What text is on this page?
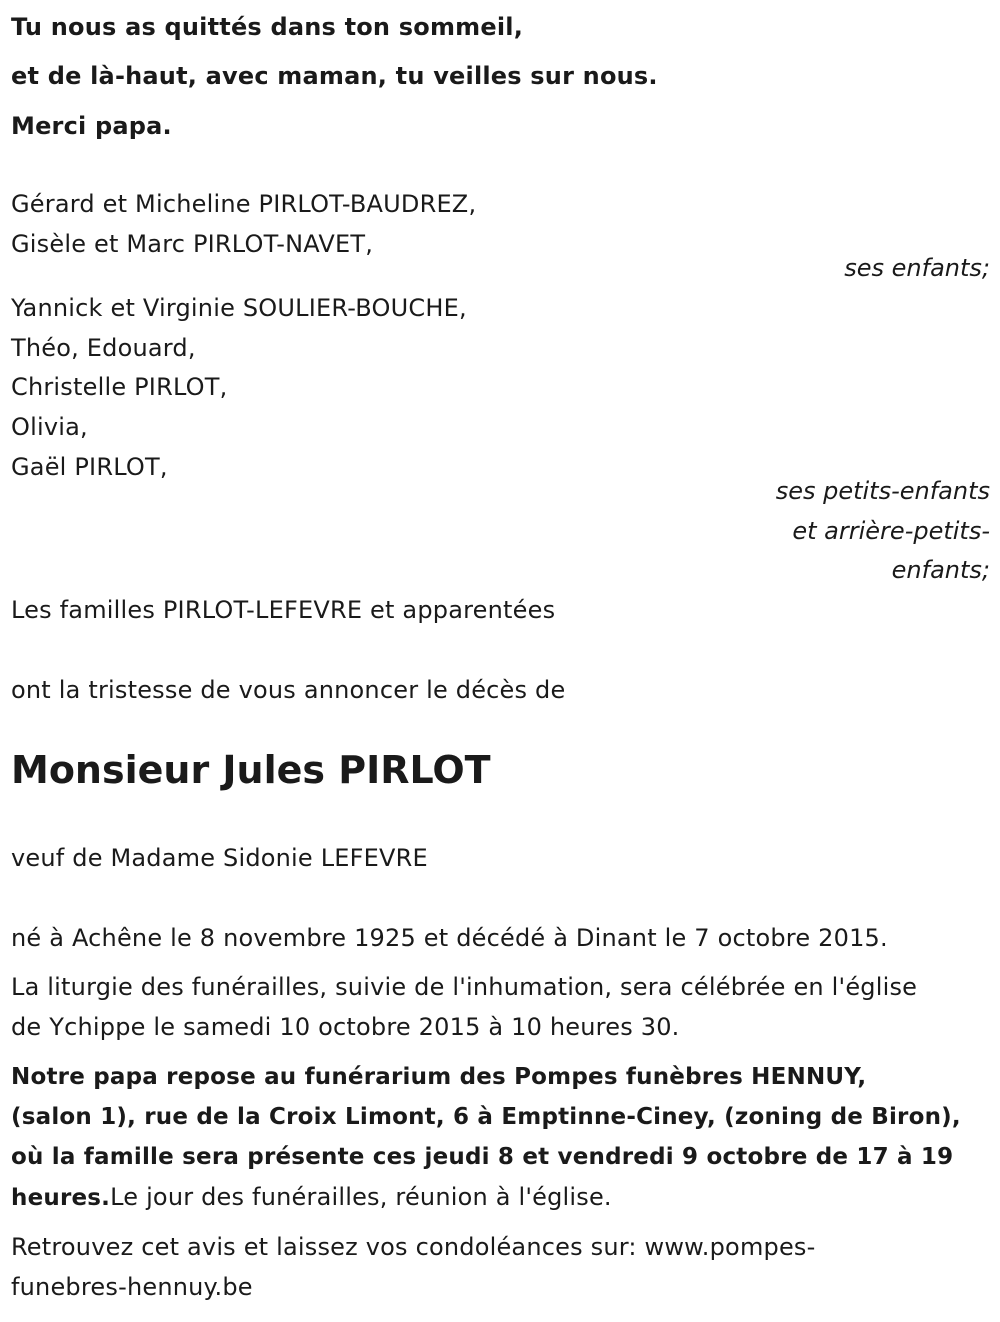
Tu nous as quittés dans ton sommeil,
et de là-haut, avec maman, tu veilles sur nous.
Merci papa.
Gérard et Micheline PIRLOT-BAUDREZ,
Gisèle et Marc PIRLOT-NAVET,
ses enfants;
Yannick et Virginie SOULIER-BOUCHE,
Théo, Edouard,
Christelle PIRLOT,
Olivia,
Gaël PIRLOT,
ses petits-enfants
et arrière-petits-
enfants;
Les familles PIRLOT-LEFEVRE et apparentées
ont la tristesse de vous annoncer le décès de
Monsieur Jules PIRLOT
veuf de Madame Sidonie LEFEVRE
né à Achêne le 8 novembre 1925 et décédé à Dinant le 7 octobre 2015.
La liturgie des funérailles, suivie de l'inhumation, sera célébrée en l'église
de Ychippe le samedi 10 octobre 2015 à 10 heures 30.
Notre papa repose au funérarium des Pompes funèbres HENNUY,
(salon 1), rue de la Croix Limont, 6 à Emptinne-Ciney, (zoning de Biron),
où la famille sera présente ces jeudi 8 et vendredi 9 octobre de 17 à 19
heures.Le jour des funérailles, réunion à l'église.
Retrouvez cet avis et laissez vos condoléances sur: www.pompes-
funebres-hennuy.be
